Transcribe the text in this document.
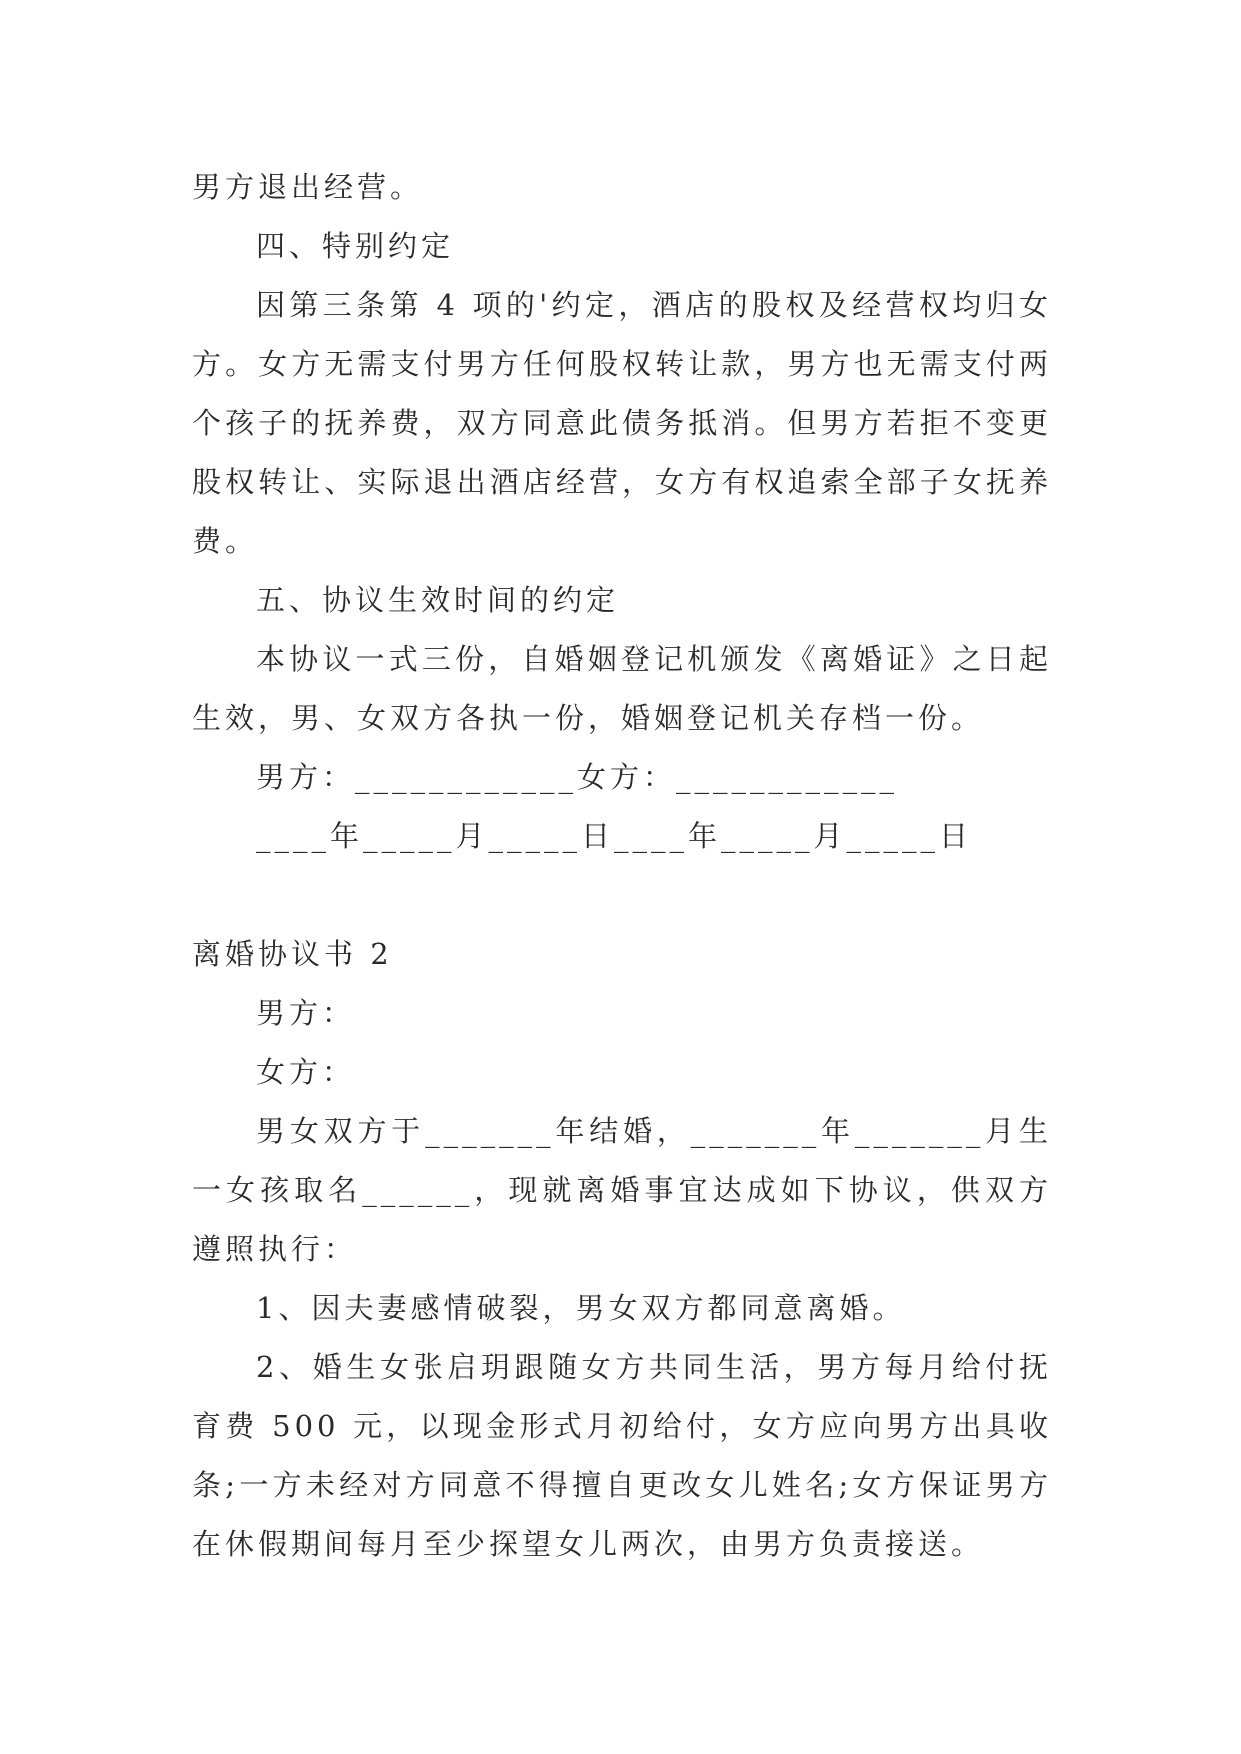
男方退出经营。

四、特别约定

因第三条第 4 项的'约定，酒店的股权及经营权均归女方。女方无需支付男方任何股权转让款，男方也无需支付两个孩子的抚养费，双方同意此债务抵消。但男方若拒不变更股权转让、实际退出酒店经营，女方有权追索全部子女抚养费。

五、协议生效时间的约定

本协议一式三份，自婚姻登记机颁发《离婚证》之日起生效，男、女双方各执一份，婚姻登记机关存档一份。

男方：____________女方：____________

____年_____月_____日____年_____月_____日

离婚协议书 2

男方：

女方：

男女双方于_______年结婚，_______年_______月生一女孩取名______，现就离婚事宜达成如下协议，供双方遵照执行：

1、因夫妻感情破裂，男女双方都同意离婚。

2、婚生女张启玥跟随女方共同生活，男方每月给付抚育费 500 元，以现金形式月初给付，女方应向男方出具收条;一方未经对方同意不得擅自更改女儿姓名;女方保证男方在休假期间每月至少探望女儿两次，由男方负责接送。
